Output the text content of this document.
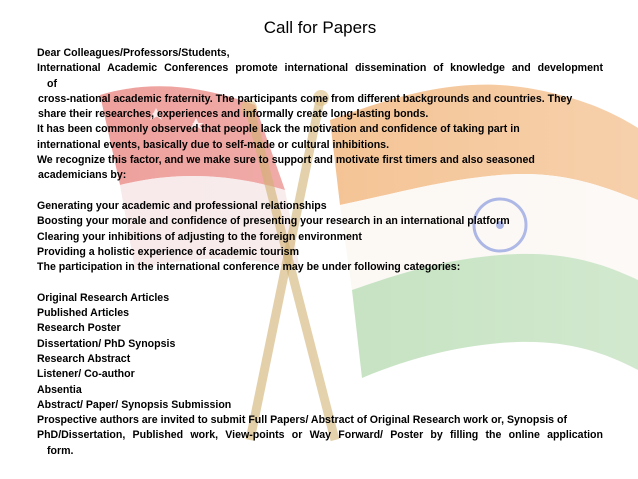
Call for Papers

Dear Colleagues/Professors/Students,

International Academic Conferences promote international dissemination of knowledge and development

of

cross-national academic fraternity. The participants come from different backgrounds and countries. They

share their researches, experiences and informally create long-lasting bonds.

It has been commonly observed that people lack the motivation and confidence of taking part in

international events, basically due to self-made or cultural inhibitions.

We recognize this factor, and we make sure to support and motivate first timers and also seasoned

academicians by:

Generating your academic and professional relationships

Boosting your morale and confidence of presenting your research in an international platform

Clearing your inhibitions of adjusting to the foreign environment

Providing a holistic experience of academic tourism

The participation in the international conference may be under following categories:

Original Research Articles

Published Articles

Research Poster

Dissertation/ PhD Synopsis

Research Abstract

Listener/ Co-author

Absentia

Abstract/ Paper/ Synopsis Submission

Prospective authors are invited to submit Full Papers/ Abstract of Original Research work or, Synopsis of

PhD/Dissertation, Published work, View-points or Way Forward/ Poster by filling the online application

form.
